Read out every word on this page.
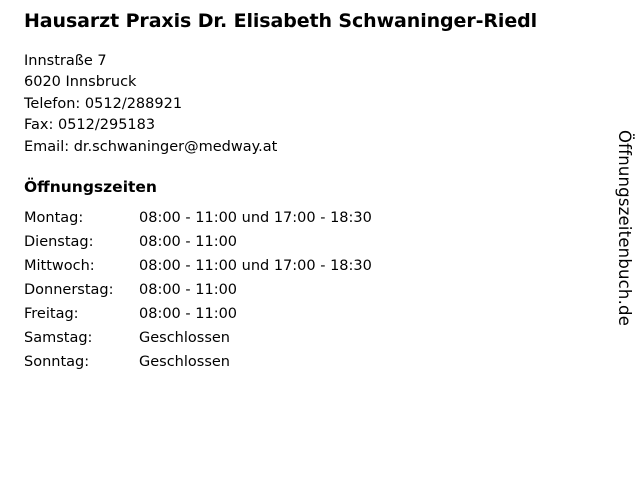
Hausarzt Praxis Dr. Elisabeth Schwaninger-Riedl
Innstraße 7
6020 Innsbruck
Telefon: 0512/288921
Fax: 0512/295183
Email: dr.schwaninger@medway.at
Öffnungszeiten
Montag:	08:00 - 11:00 und 17:00 - 18:30
Dienstag:	08:00 - 11:00
Mittwoch:	08:00 - 11:00 und 17:00 - 18:30
Donnerstag:	08:00 - 11:00
Freitag:	08:00 - 11:00
Samstag:	Geschlossen
Sonntag:	Geschlossen
Öffnungszeitenbuch.de
